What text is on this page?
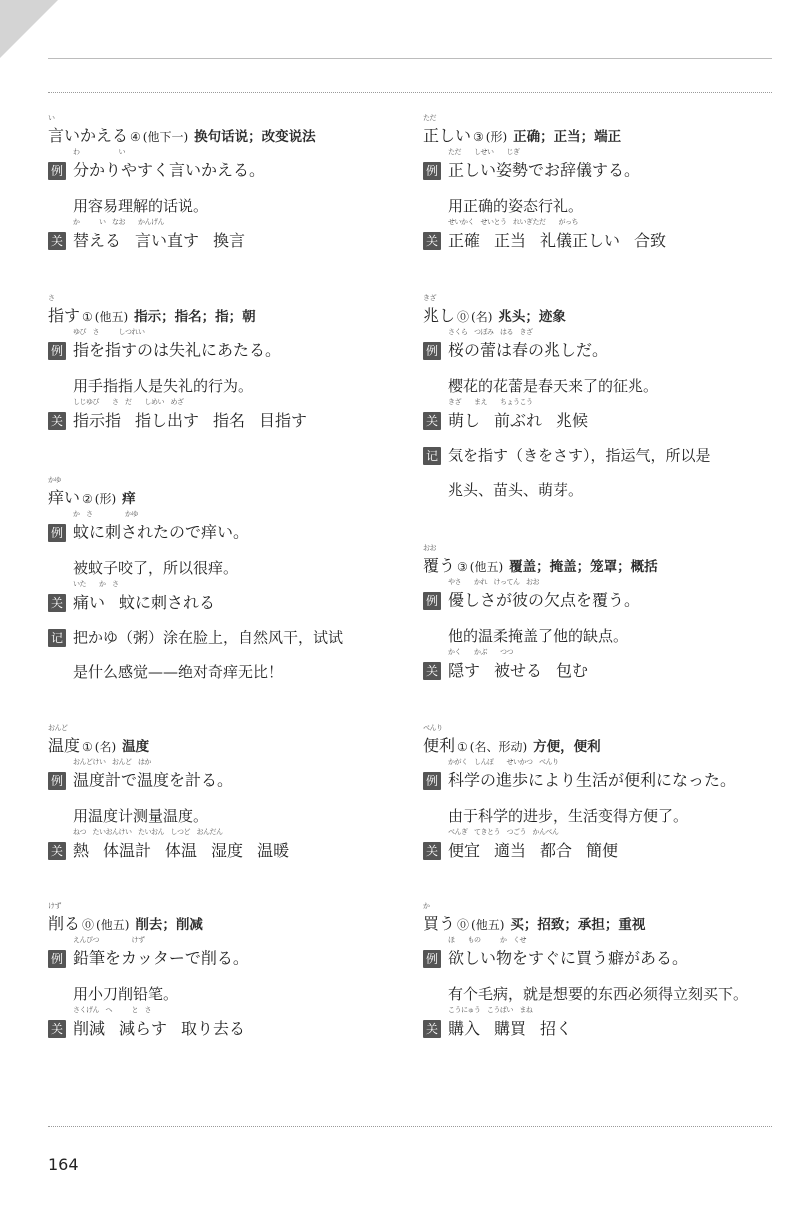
164
い
言いかえる ④ (他下一) 换句话说；改变说法
例
わ　　　　　　い
分かりやすく言いかえる。
用容易理解的话说。
关
か　　　い　なお　　かんげん
替える 言い直す 換言
さ
指す ① (他五) 指示；指名；指；朝
例
ゆび　さ　　　しつれい
指を指すのは失礼にあたる。
用手指指人是失礼的行为。
关
しじゆび　　さ　だ　　しめい　めざ
指示指 指し出す 指名 目指す
かゆ
痒い ② (形) 痒
例
か　さ　　　　　かゆ
蚊に刺されたので痒い。
被蚊子咬了，所以很痒。
关
いた　　か　さ
痛い 蚊に刺される
记 把かゆ（粥）涂在脸上，自然风干，试试
是什么感觉——绝对奇痒无比！
おんど
温度 ① (名) 温度
例
おんどけい　おんど　はか
温度計で温度を計る。
用温度计测量温度。
关
ねつ　たいおんけい　たいおん　しつど　おんだん
熱 体温計 体温 湿度 温暖
けず
削る ⓪ (他五) 削去；削减
例
えんぴつ　　　　　けず
鉛筆をカッターで削る。
用小刀削铅笔。
关
さくげん　へ　　　と　さ
削減 減らす 取り去る
ただ
正しい ③ (形) 正确；正当；端正
例
ただ　　しせい　　じぎ
正しい姿勢でお辞儀する。
用正确的姿态行礼。
关
せいかく　せいとう　れいぎただ　　がっち
正確 正当 礼儀正しい 合致
きざ
兆し ⓪ (名) 兆头；迹象
例
さくら　つぼみ　はる　きざ
桜の蕾は春の兆しだ。
樱花的花蕾是春天来了的征兆。
关
きざ　　まえ　　ちょうこう
萌し 前ぶれ 兆候
记 気を指す（きをさす），指运气，所以是
兆头、苗头、萌芽。
おお
覆う ③ (他五) 覆盖；掩盖；笼罩；概括
例
やさ　　かれ　けってん　おお
優しさが彼の欠点を覆う。
他的温柔掩盖了他的缺点。
关
かく　　かぶ　　つつ
隠す 被せる 包む
べんり
便利 ① (名、形动) 方便，便利
例
かがく　しんぽ　　せいかつ　べんり
科学の進歩により生活が便利になった。
由于科学的进步，生活变得方便了。
关
べんぎ　てきとう　つごう　かんべん
便宜 適当 都合 簡便
か
買う ⓪ (他五) 买；招致；承担；重视
例
ほ　　もの　　　か　くせ
欲しい物をすぐに買う癖がある。
有个毛病，就是想要的东西必须得立刻买下。
关
こうにゅう　こうばい　まね
購入 購買 招く
